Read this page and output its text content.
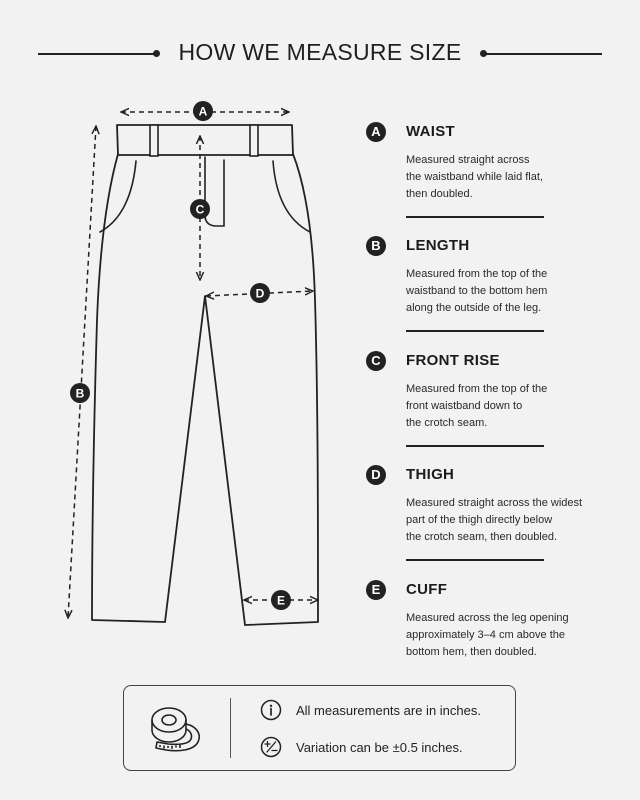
HOW WE MEASURE SIZE
A
B
C
D
E
A	WAIST
Measured straight across
the waistband while laid flat,
then doubled.
B	LENGTH
Measured from the top of the
waistband to the bottom hem
along the outside of the leg.
C	FRONT RISE
Measured from the top of the
front waistband down to
the crotch seam.
D	THIGH
Measured straight across the widest
part of the thigh directly below
the crotch seam, then doubled.
E	CUFF
Measured across the leg opening
approximately 3–4 cm above the
bottom hem, then doubled.
All measurements are in inches.
Variation can be ±0.5 inches.
